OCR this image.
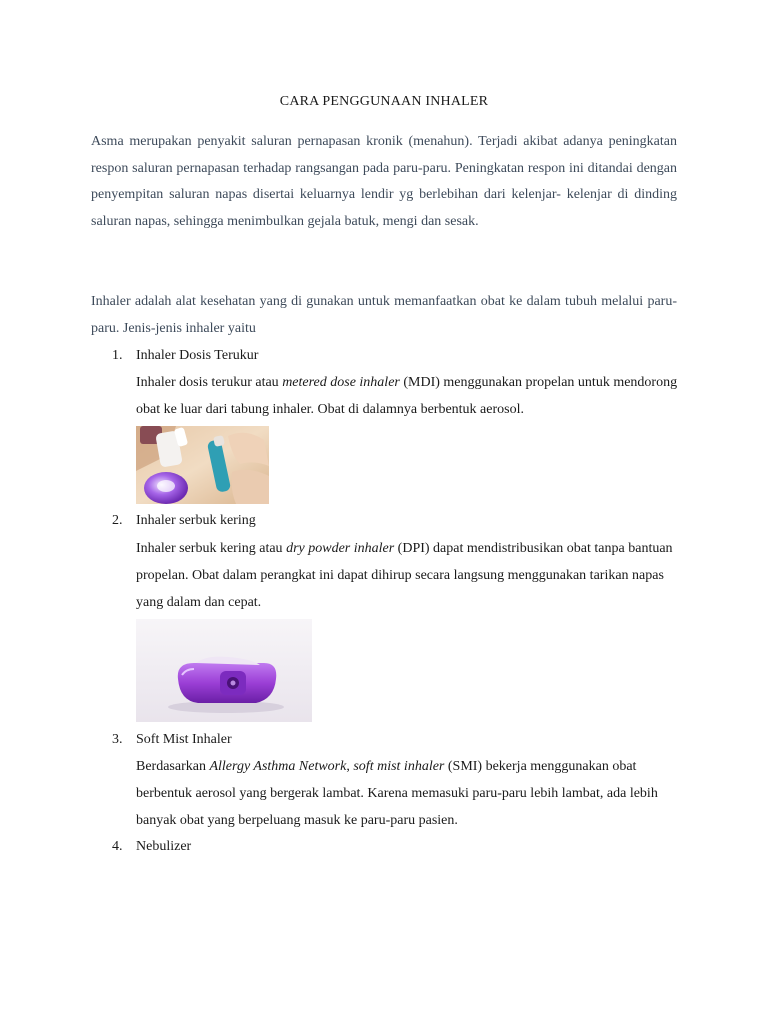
CARA PENGGUNAAN INHALER
Asma merupakan penyakit saluran pernapasan kronik (menahun). Terjadi akibat adanya peningkatan respon saluran pernapasan terhadap rangsangan pada paru-paru. Peningkatan respon ini ditandai dengan penyempitan saluran napas disertai keluarnya lendir yg berlebihan dari kelenjar- kelenjar di dinding saluran napas, sehingga menimbulkan gejala batuk, mengi dan sesak.
Inhaler adalah alat kesehatan yang di gunakan untuk memanfaatkan obat ke dalam tubuh melalui paru-paru. Jenis-jenis inhaler yaitu
1. Inhaler Dosis Terukur
Inhaler dosis terukur atau metered dose inhaler (MDI) menggunakan propelan untuk mendorong obat ke luar dari tabung inhaler. Obat di dalamnya berbentuk aerosol.
2. Inhaler serbuk kering
Inhaler serbuk kering atau dry powder inhaler (DPI) dapat mendistribusikan obat tanpa bantuan propelan. Obat dalam perangkat ini dapat dihirup secara langsung menggunakan tarikan napas yang dalam dan cepat.
3. Soft Mist Inhaler
Berdasarkan Allergy Asthma Network, soft mist inhaler (SMI) bekerja menggunakan obat berbentuk aerosol yang bergerak lambat. Karena memasuki paru-paru lebih lambat, ada lebih banyak obat yang berpeluang masuk ke paru-paru pasien.
4. Nebulizer
